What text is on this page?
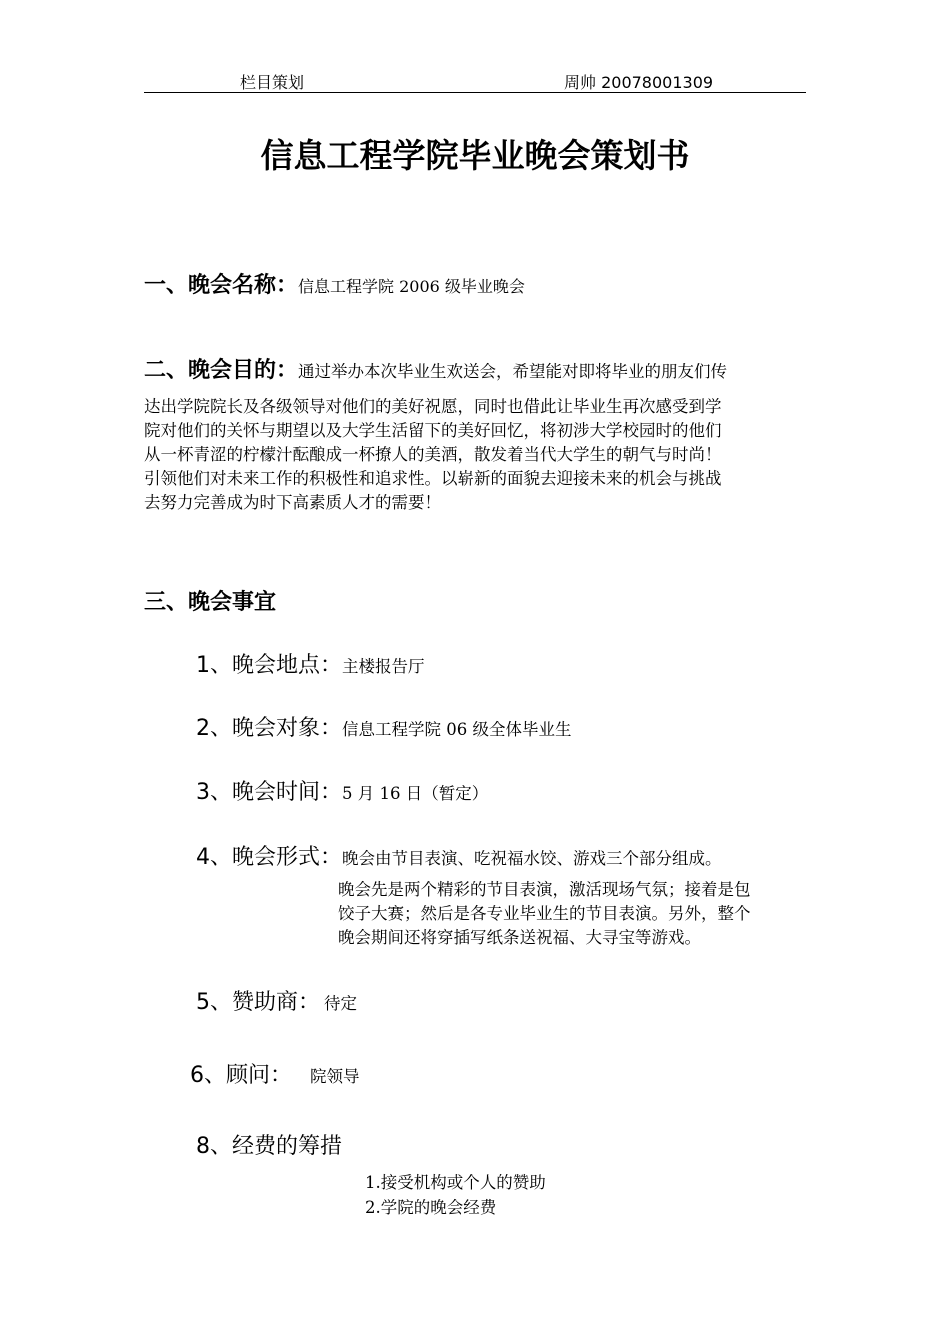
栏目策划	周帅 20078001309
信息工程学院毕业晚会策划书
一、晚会名称：信息工程学院 2006 级毕业晚会
二、晚会目的：通过举办本次毕业生欢送会，希望能对即将毕业的朋友们传
达出学院院长及各级领导对他们的美好祝愿，同时也借此让毕业生再次感受到学
院对他们的关怀与期望以及大学生活留下的美好回忆，将初涉大学校园时的他们
从一杯青涩的柠檬汁酝酿成一杯撩人的美酒，散发着当代大学生的朝气与时尚！
引领他们对未来工作的积极性和追求性。以崭新的面貌去迎接未来的机会与挑战
去努力完善成为时下高素质人才的需要！
三、晚会事宜
1、晚会地点：主楼报告厅
2、晚会对象：信息工程学院 06 级全体毕业生
3、晚会时间：5 月 16 日（暂定）
4、晚会形式：晚会由节目表演、吃祝福水饺、游戏三个部分组成。
晚会先是两个精彩的节目表演，激活现场气氛；接着是包
饺子大赛；然后是各专业毕业生的节目表演。另外，整个
晚会期间还将穿插写纸条送祝福、大寻宝等游戏。
5、赞助商： 待定
6、顾问： 院领导
8、经费的筹措
1.接受机构或个人的赞助
2.学院的晚会经费
